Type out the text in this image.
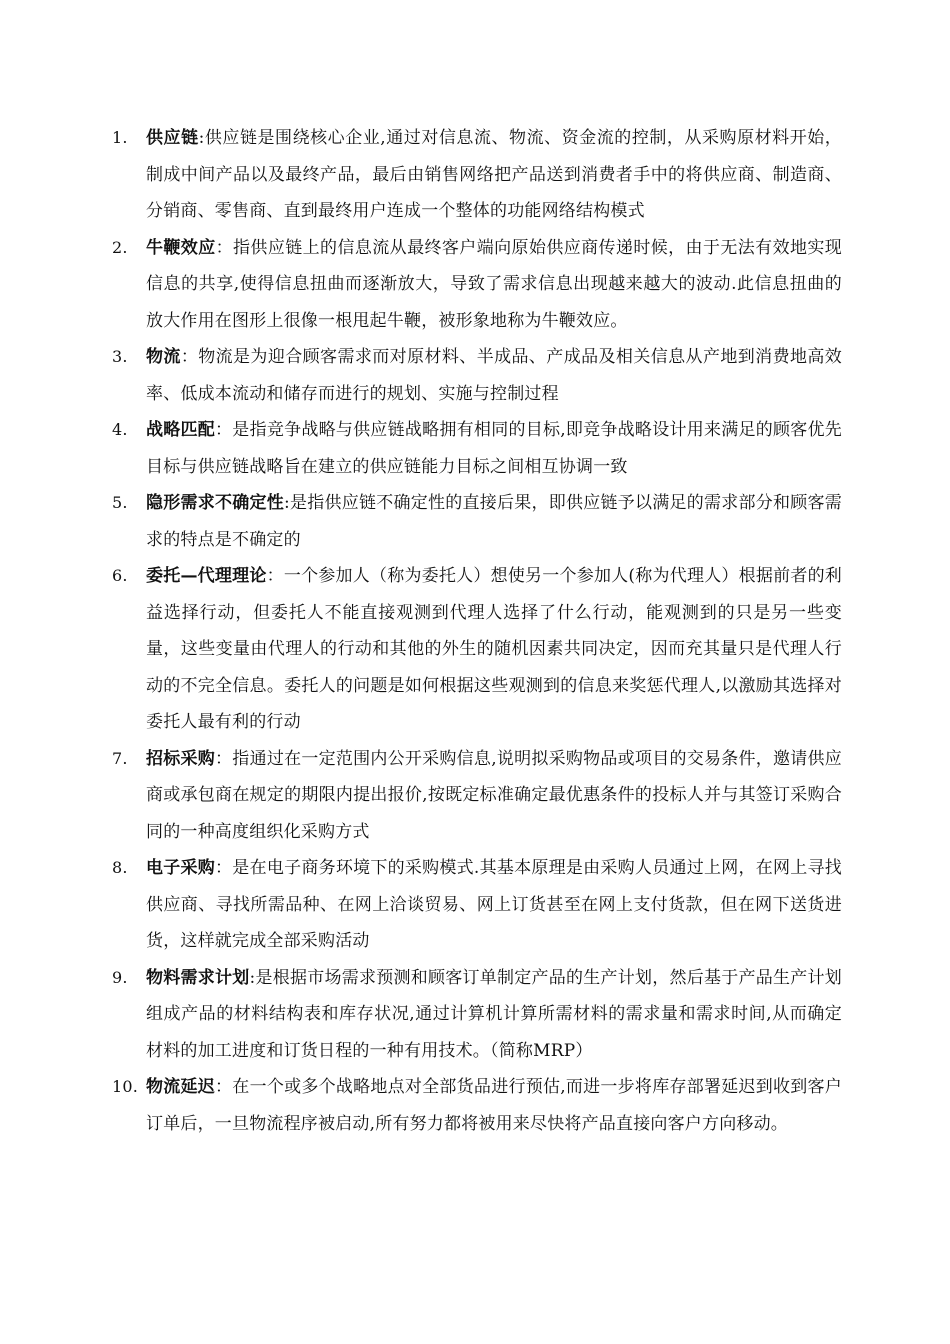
1. 供应链:供应链是围绕核心企业,通过对信息流、物流、资金流的控制，从采购原材料开始，制成中间产品以及最终产品，最后由销售网络把产品送到消费者手中的将供应商、制造商、分销商、零售商、直到最终用户连成一个整体的功能网络结构模式
2. 牛鞭效应：指供应链上的信息流从最终客户端向原始供应商传递时候，由于无法有效地实现信息的共享,使得信息扭曲而逐渐放大，导致了需求信息出现越来越大的波动.此信息扭曲的放大作用在图形上很像一根甩起牛鞭，被形象地称为牛鞭效应。
3. 物流：物流是为迎合顾客需求而对原材料、半成品、产成品及相关信息从产地到消费地高效率、低成本流动和储存而进行的规划、实施与控制过程
4. 战略匹配：是指竞争战略与供应链战略拥有相同的目标,即竞争战略设计用来满足的顾客优先目标与供应链战略旨在建立的供应链能力目标之间相互协调一致
5. 隐形需求不确定性:是指供应链不确定性的直接后果，即供应链予以满足的需求部分和顾客需求的特点是不确定的
6. 委托—代理理论：一个参加人（称为委托人）想使另一个参加人(称为代理人）根据前者的利益选择行动，但委托人不能直接观测到代理人选择了什么行动，能观测到的只是另一些变量，这些变量由代理人的行动和其他的外生的随机因素共同决定，因而充其量只是代理人行动的不完全信息。委托人的问题是如何根据这些观测到的信息来奖惩代理人,以激励其选择对委托人最有利的行动
7. 招标采购：指通过在一定范围内公开采购信息,说明拟采购物品或项目的交易条件，邀请供应商或承包商在规定的期限内提出报价,按既定标准确定最优惠条件的投标人并与其签订采购合同的一种高度组织化采购方式
8. 电子采购：是在电子商务环境下的采购模式.其基本原理是由采购人员通过上网，在网上寻找供应商、寻找所需品种、在网上洽谈贸易、网上订货甚至在网上支付货款，但在网下送货进货，这样就完成全部采购活动
9. 物料需求计划:是根据市场需求预测和顾客订单制定产品的生产计划，然后基于产品生产计划组成产品的材料结构表和库存状况,通过计算机计算所需材料的需求量和需求时间,从而确定材料的加工进度和订货日程的一种有用技术。（简称MRP）
10. 物流延迟：在一个或多个战略地点对全部货品进行预估,而进一步将库存部署延迟到收到客户订单后，一旦物流程序被启动,所有努力都将被用来尽快将产品直接向客户方向移动。
